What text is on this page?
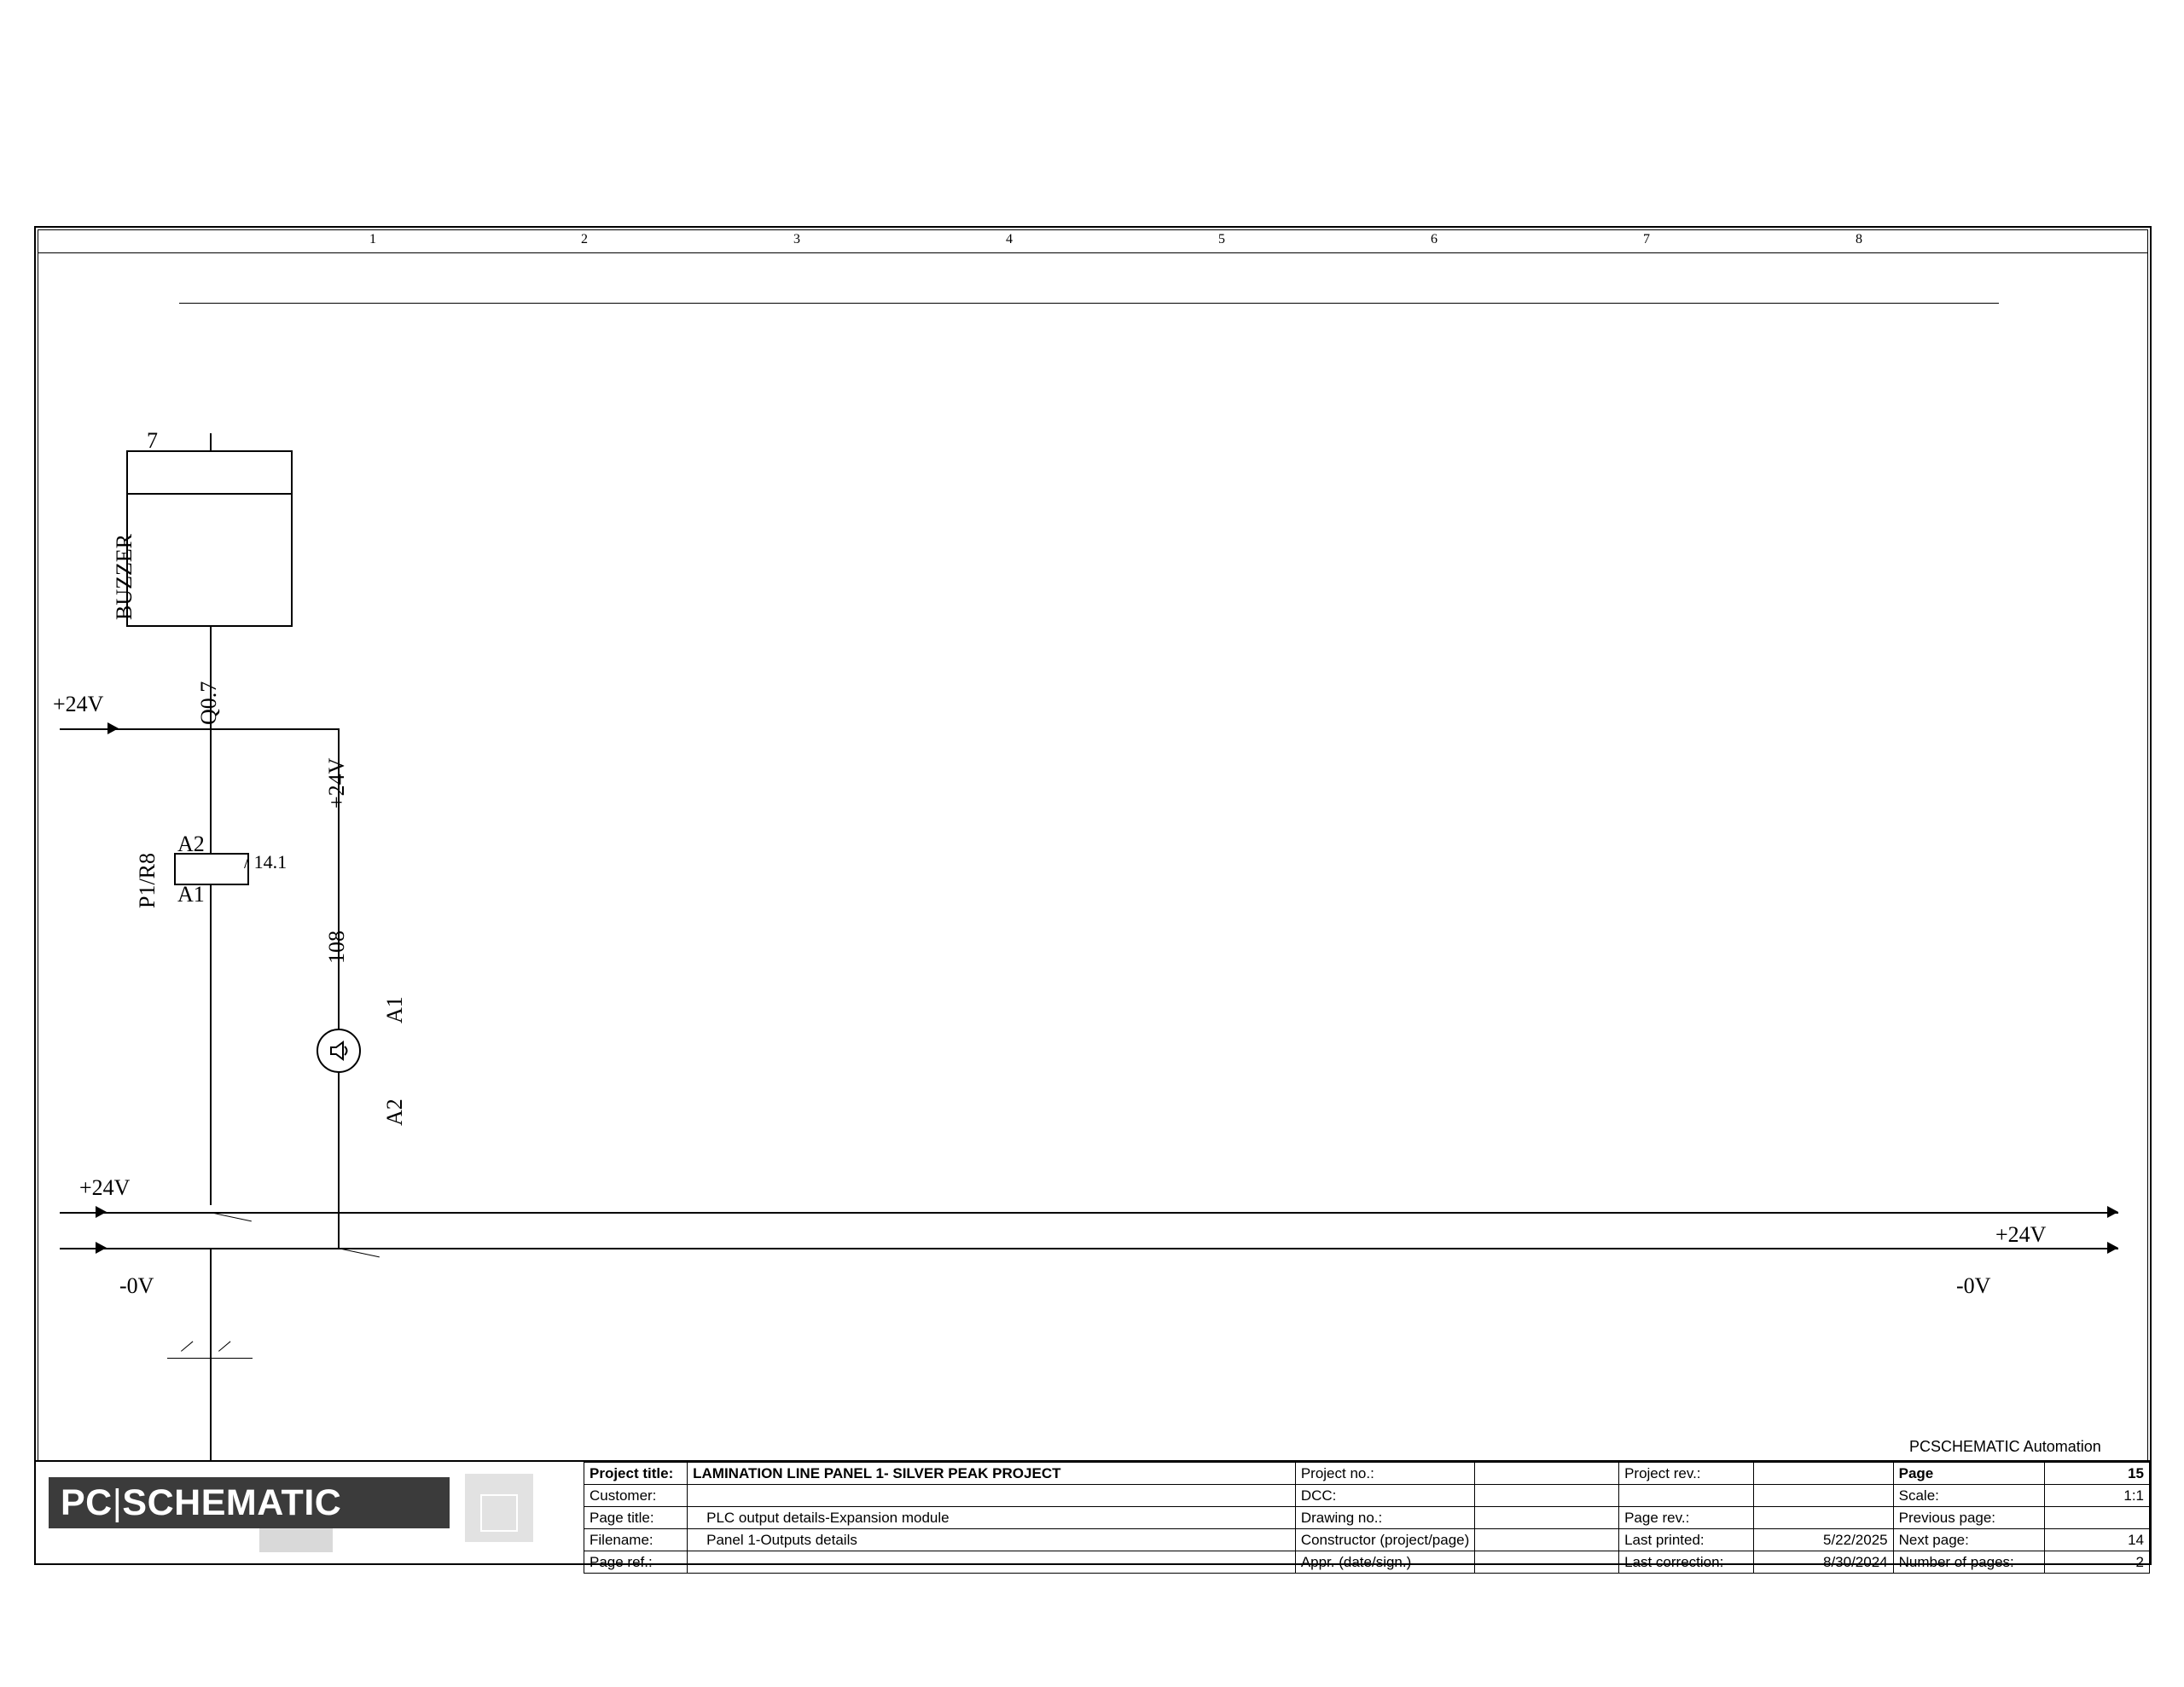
1	2	3	4	5	6	7	8
7
BUZZER
Q0.7
+24V
+24V
P1/R8
A2
A1
/ 14.1
108
A1
A2
+24V
+24V
-0V	-0V
PCSCHEMATIC Automation
Project title:	LAMINATION LINE PANEL 1- SILVER PEAK PROJECT	Project no.:		Project rev.:		Page	15
Customer:		DCC:				Scale:	1:1
Page title:	PLC output details-Expansion module	Drawing no.:		Page rev.:		Previous page:	
Filename:	Panel 1-Outputs details	Constructor (project/page)		Last printed:	5/22/2025	Next page:	14
Page ref.:		Appr. (date/sign.)		Last correction:	8/30/2024	Number of pages:	2
PC|SCHEMATIC
